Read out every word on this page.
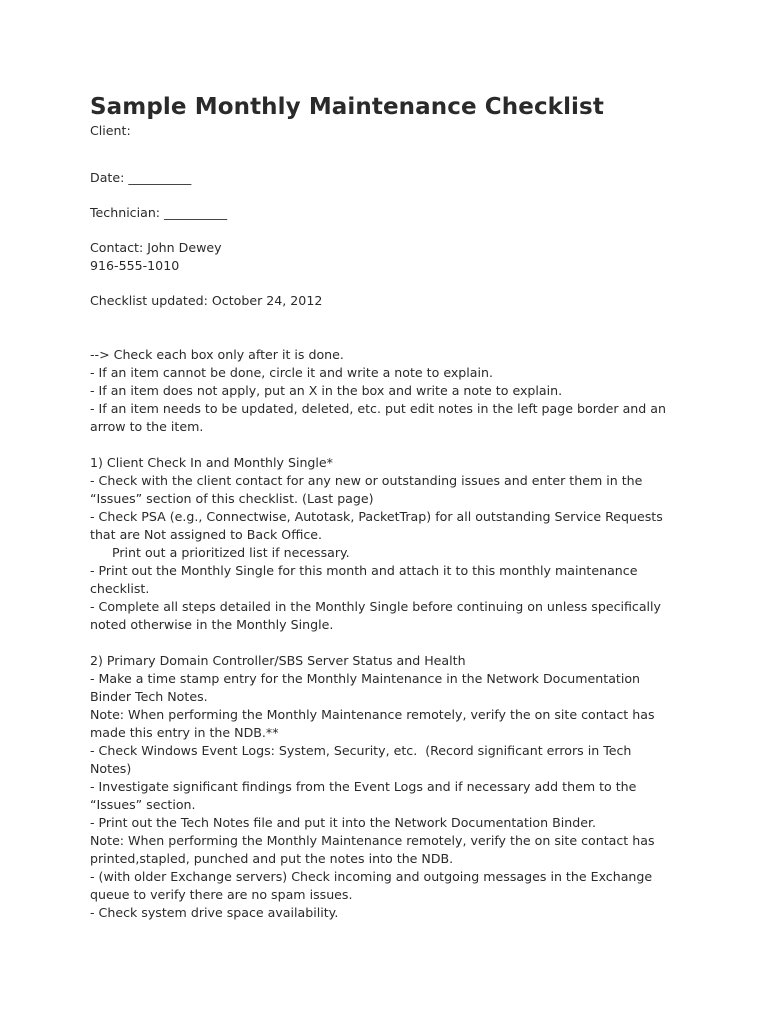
Sample Monthly Maintenance Checklist
Client:
Date: __________
Technician: __________
Contact: John Dewey
916-555-1010
Checklist updated: October 24, 2012
--> Check each box only after it is done.
- If an item cannot be done, circle it and write a note to explain.
- If an item does not apply, put an X in the box and write a note to explain.
- If an item needs to be updated, deleted, etc. put edit notes in the left page border and an
arrow to the item.
1) Client Check In and Monthly Single*
- Check with the client contact for any new or outstanding issues and enter them in the
“Issues” section of this checklist. (Last page)
- Check PSA (e.g., Connectwise, Autotask, PacketTrap) for all outstanding Service Requests
that are Not assigned to Back Office.
Print out a prioritized list if necessary.
- Print out the Monthly Single for this month and attach it to this monthly maintenance
checklist.
- Complete all steps detailed in the Monthly Single before continuing on unless specifically
noted otherwise in the Monthly Single.
2) Primary Domain Controller/SBS Server Status and Health
- Make a time stamp entry for the Monthly Maintenance in the Network Documentation
Binder Tech Notes.
Note: When performing the Monthly Maintenance remotely, verify the on site contact has
made this entry in the NDB.**
- Check Windows Event Logs: System, Security, etc.  (Record significant errors in Tech
Notes)
- Investigate significant findings from the Event Logs and if necessary add them to the
“Issues” section.
- Print out the Tech Notes file and put it into the Network Documentation Binder.
Note: When performing the Monthly Maintenance remotely, verify the on site contact has
printed,stapled, punched and put the notes into the NDB.
- (with older Exchange servers) Check incoming and outgoing messages in the Exchange
queue to verify there are no spam issues.
- Check system drive space availability.
